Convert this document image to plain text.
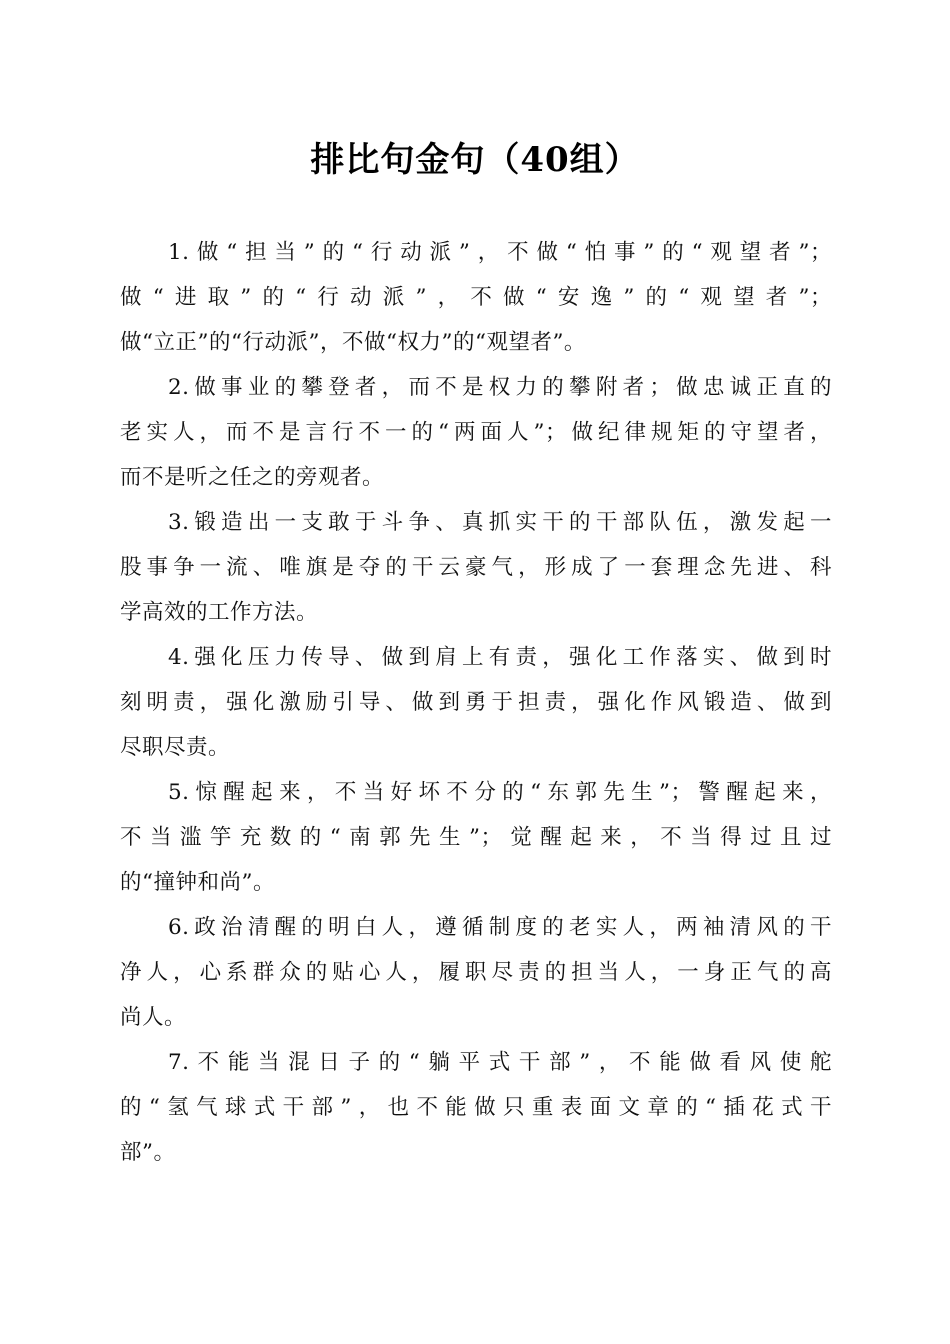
排比句金句（40组）
1.做“担当”的“行动派”，不做“怕事”的“观望者”；
做“进取”的“行动派”，不做“安逸”的“观望者”；
做“立正”的“行动派”，不做“权力”的“观望者”。
2.做事业的攀登者，而不是权力的攀附者；做忠诚正直的
老实人，而不是言行不一的“两面人”；做纪律规矩的守望者，
而不是听之任之的旁观者。
3.锻造出一支敢于斗争、真抓实干的干部队伍，激发起一
股事争一流、唯旗是夺的干云豪气，形成了一套理念先进、科
学高效的工作方法。
4.强化压力传导、做到肩上有责，强化工作落实、做到时
刻明责，强化激励引导、做到勇于担责，强化作风锻造、做到
尽职尽责。
5.惊醒起来，不当好坏不分的“东郭先生”；警醒起来，
不当滥竽充数的“南郭先生”；觉醒起来，不当得过且过
的“撞钟和尚”。
6.政治清醒的明白人，遵循制度的老实人，两袖清风的干
净人，心系群众的贴心人，履职尽责的担当人，一身正气的高
尚人。
7.不能当混日子的“躺平式干部”，不能做看风使舵
的“氢气球式干部”，也不能做只重表面文章的“插花式干
部”。
